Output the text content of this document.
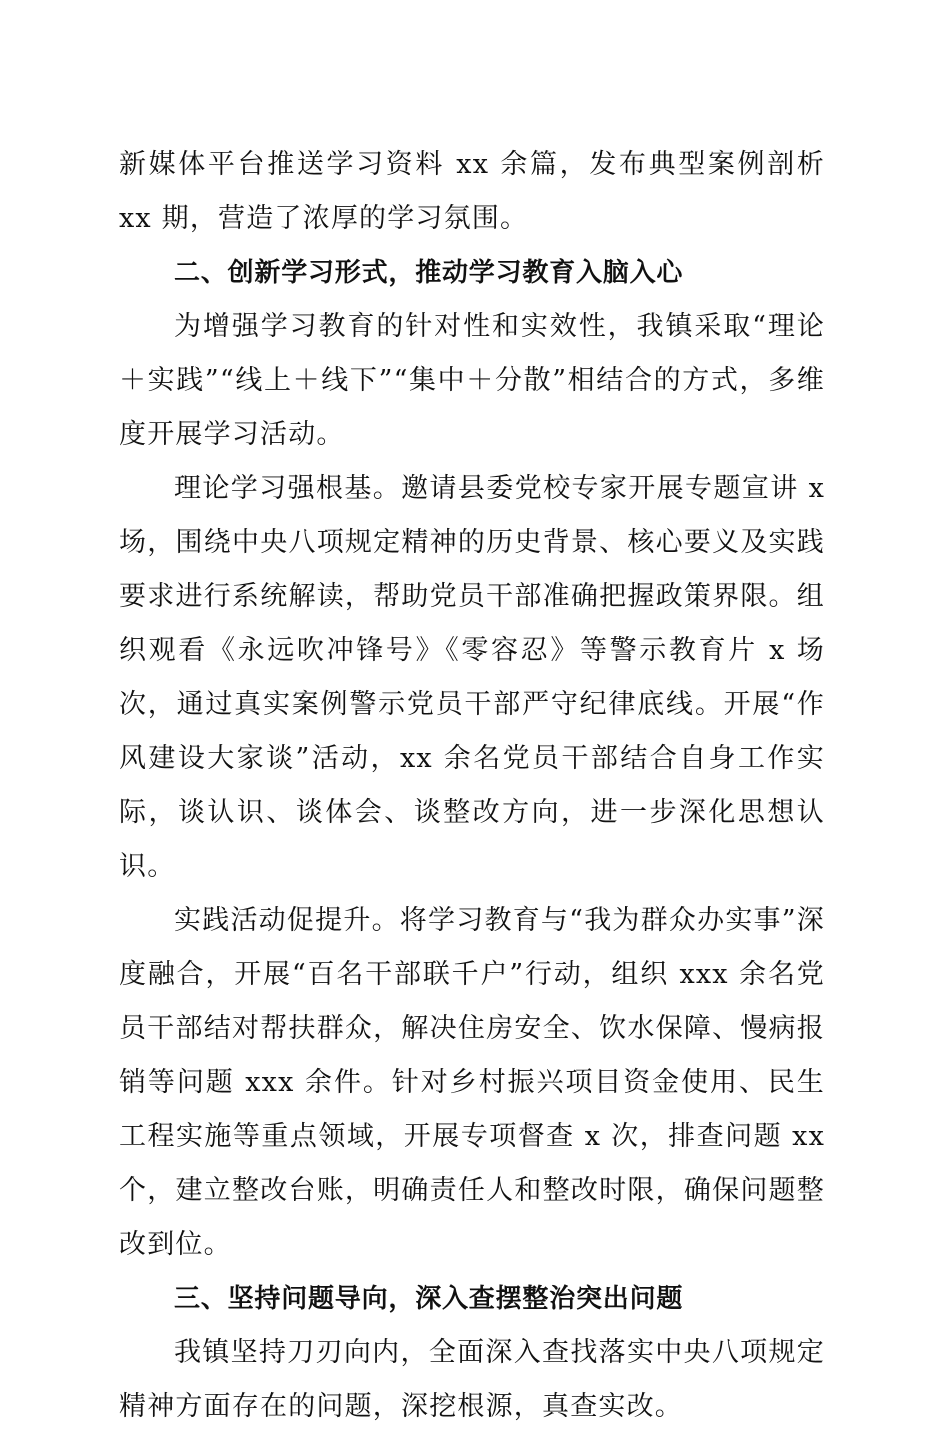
新媒体平台推送学习资料 xx 余篇，发布典型案例剖析 xx 期，营造了浓厚的学习氛围。

二、创新学习形式，推动学习教育入脑入心

为增强学习教育的针对性和实效性，我镇采取“理论＋实践”“线上＋线下”“集中＋分散”相结合的方式，多维度开展学习活动。

理论学习强根基。邀请县委党校专家开展专题宣讲 x 场，围绕中央八项规定精神的历史背景、核心要义及实践要求进行系统解读，帮助党员干部准确把握政策界限。组织观看《永远吹冲锋号》《零容忍》等警示教育片 x 场次，通过真实案例警示党员干部严守纪律底线。开展“作风建设大家谈”活动，xx 余名党员干部结合自身工作实际，谈认识、谈体会、谈整改方向，进一步深化思想认识。

实践活动促提升。将学习教育与“我为群众办实事”深度融合，开展“百名干部联千户”行动，组织 xxx 余名党员干部结对帮扶群众，解决住房安全、饮水保障、慢病报销等问题 xxx 余件。针对乡村振兴项目资金使用、民生工程实施等重点领域，开展专项督查 x 次，排查问题 xx 个，建立整改台账，明确责任人和整改时限，确保问题整改到位。

三、坚持问题导向，深入查摆整治突出问题

我镇坚持刀刃向内，全面深入查找落实中央八项规定精神方面存在的问题，深挖根源，真查实改。
